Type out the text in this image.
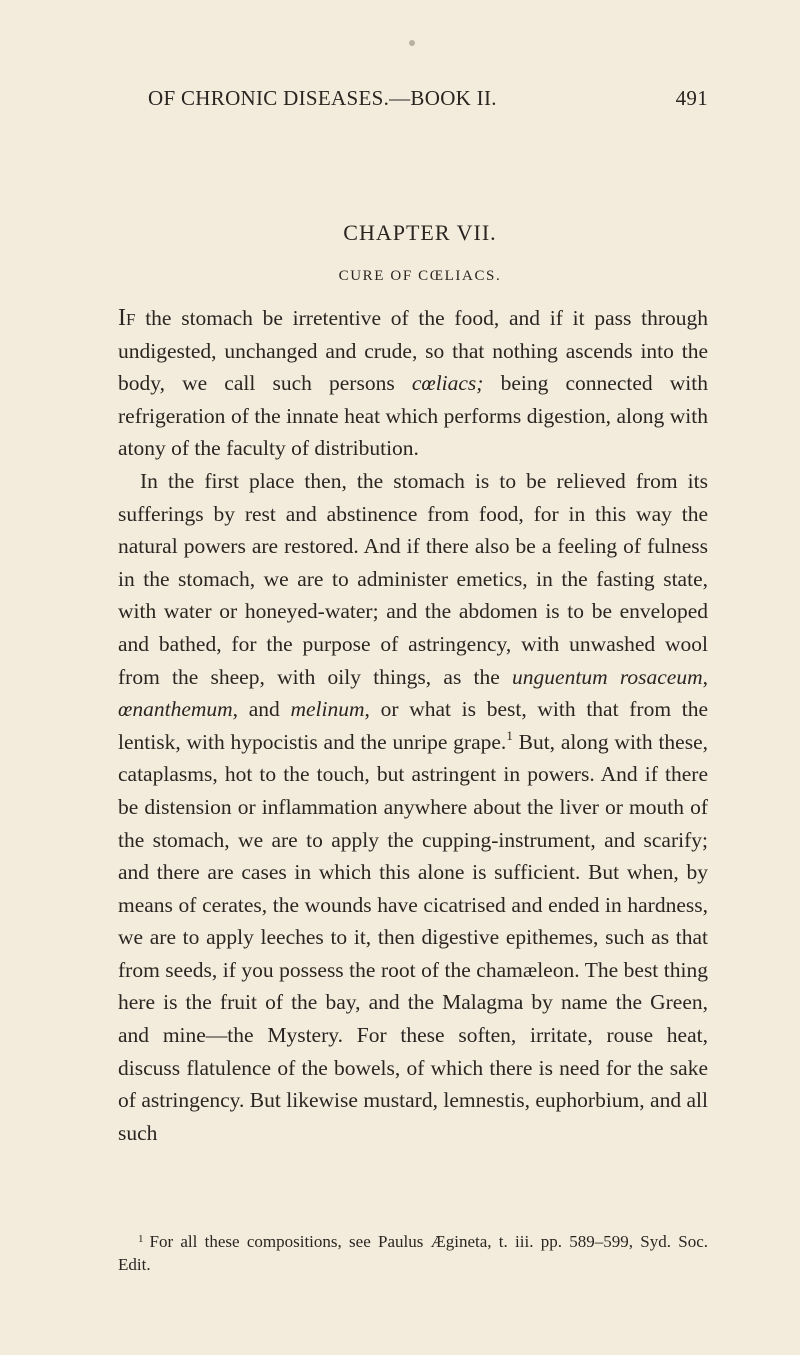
OF CHRONIC DISEASES.—BOOK II.	491
CHAPTER VII.
CURE OF CŒLIACS.

If the stomach be irretentive of the food, and if it pass through undigested, unchanged and crude, so that nothing ascends into the body, we call such persons cœliacs; being connected with refrigeration of the innate heat which performs digestion, along with atony of the faculty of distribution.

In the first place then, the stomach is to be relieved from its sufferings by rest and abstinence from food, for in this way the natural powers are restored. And if there also be a feeling of fulness in the stomach, we are to administer emetics, in the fasting state, with water or honeyed-water; and the abdomen is to be enveloped and bathed, for the purpose of astringency, with unwashed wool from the sheep, with oily things, as the unguentum rosaceum, œnanthemum, and melinum, or what is best, with that from the lentisk, with hypocistis and the unripe grape.$^1$ But, along with these, cataplasms, hot to the touch, but astringent in powers. And if there be distension or inflammation anywhere about the liver or mouth of the stomach, we are to apply the cupping-instrument, and scarify; and there are cases in which this alone is sufficient. But when, by means of cerates, the wounds have cicatrised and ended in hardness, we are to apply leeches to it, then digestive epithemes, such as that from seeds, if you possess the root of the chamæleon. The best thing here is the fruit of the bay, and the Malagma by name the Green, and mine—the Mystery. For these soften, irritate, rouse heat, discuss flatulence of the bowels, of which there is need for the sake of astringency. But likewise mustard, lemnestis, euphorbium, and all such

$^1$ For all these compositions, see Paulus Ægineta, t. iii. pp. 589–599, Syd. Soc. Edit.
